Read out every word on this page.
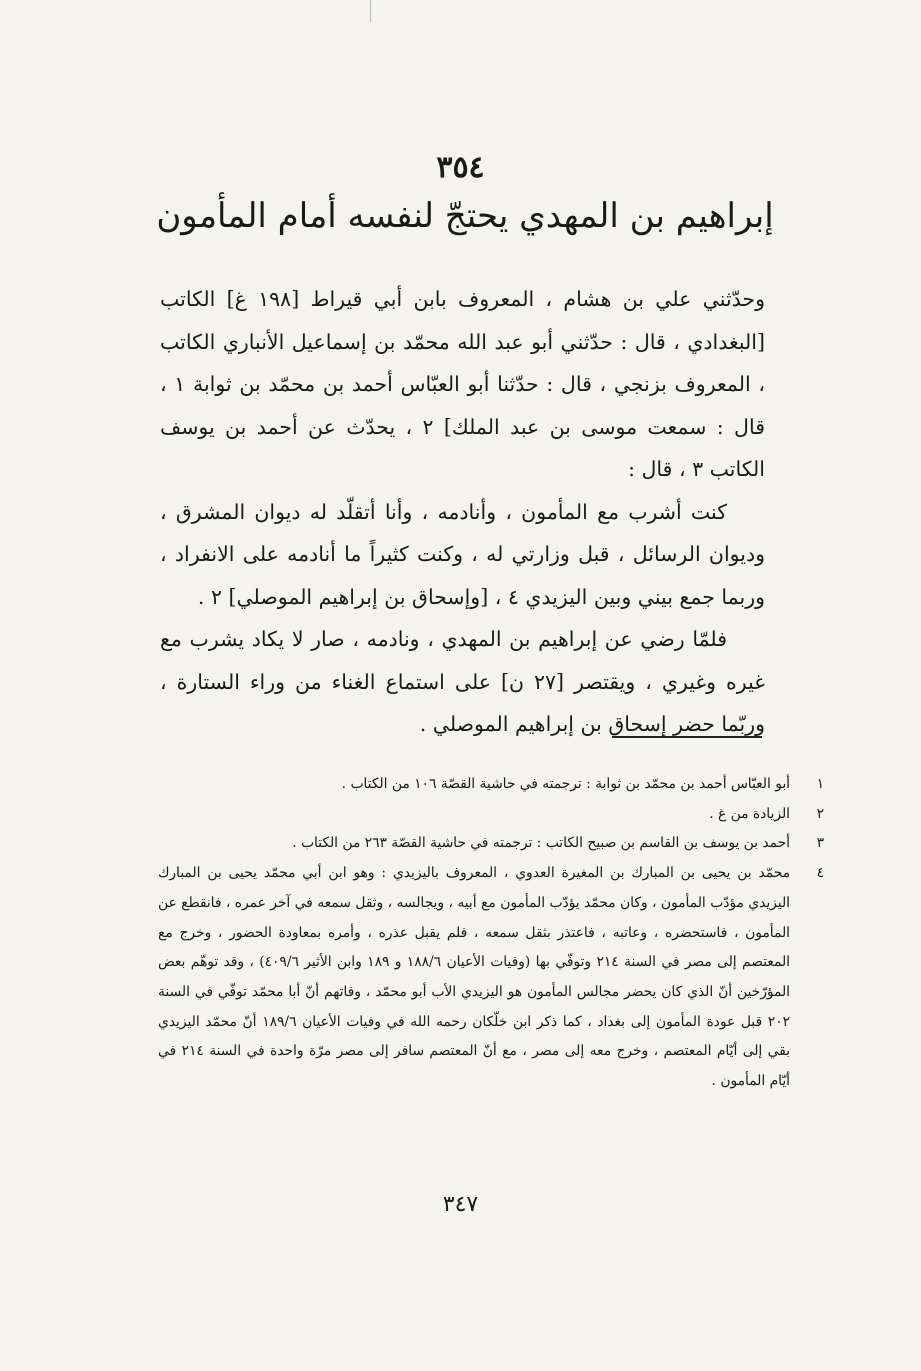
٣٥٤
إبراهيم بن المهدي يحتجّ لنفسه أمام المأمون

وحدّثني علي بن هشام ، المعروف بابن أبي قيراط [١٩٨ غ] الكاتب [البغدادي ، قال : حدّثني أبو عبد الله محمّد بن إسماعيل الأنباري الكاتب ، المعروف بزنجي ، قال : حدّثنا أبو العبّاس أحمد بن محمّد بن ثوابة ١ ، قال : سمعت موسى بن عبد الملك] ٢ ، يحدّث عن أحمد بن يوسف الكاتب ٣ ، قال :

كنت أشرب مع المأمون ، وأنادمه ، وأنا أتقلّد له ديوان المشرق ، وديوان الرسائل ، قبل وزارتي له ، وكنت كثيراً ما أنادمه على الانفراد ، وربما جمع بيني وبين اليزيدي ٤ ، [وإسحاق بن إبراهيم الموصلي] ٢ .

فلمّا رضي عن إبراهيم بن المهدي ، ونادمه ، صار لا يكاد يشرب مع غيره وغيري ، ويقتصر [٢٧ ن] على استماع الغناء من وراء الستارة ، وربّما حضر إسحاق بن إبراهيم الموصلي .

١
أبو العبّاس أحمد بن محمّد بن ثوابة : ترجمته في حاشية القصّة ١٠٦ من الكتاب .
٢
الزيادة من غ .
٣
أحمد بن يوسف بن القاسم بن صبيح الكاتب : ترجمته في حاشية القصّة ٢٦٣ من الكتاب .
٤
محمّد بن يحيى بن المبارك بن المغيرة العدوي ، المعروف باليزيدي : وهو ابن أبي محمّد يحيى بن المبارك اليزيدي مؤدّب المأمون ، وكان محمّد يؤدّب المأمون مع أبيه ، ويجالسه ، وثقل سمعه في آخر عمره ، فانقطع عن المأمون ، فاستحضره ، وعاتبه ، فاعتذر بثقل سمعه ، فلم يقبل عذره ، وأمره بمعاودة الحضور ، وخرج مع المعتصم إلى مصر في السنة ٢١٤ وتوفّي بها (وفيات الأعيان ١٨٨/٦ و ١٨٩ وابن الأثير ٤٠٩/٦) ، وقد توهّم بعض المؤرّخين أنّ الذي كان يحضر مجالس المأمون هو اليزيدي الأب أبو محمّد ، وفاتهم أنّ أبا محمّد توفّي في السنة ٢٠٢ قبل عودة المأمون إلى بغداد ، كما ذكر ابن خلّكان رحمه الله في وفيات الأعيان ١٨٩/٦ أنّ محمّد اليزيدي بقي إلى أيّام المعتصم ، وخرج معه إلى مصر ، مع أنّ المعتصم سافر إلى مصر مرّة واحدة في السنة ٢١٤ في أيّام المأمون .
٣٤٧
